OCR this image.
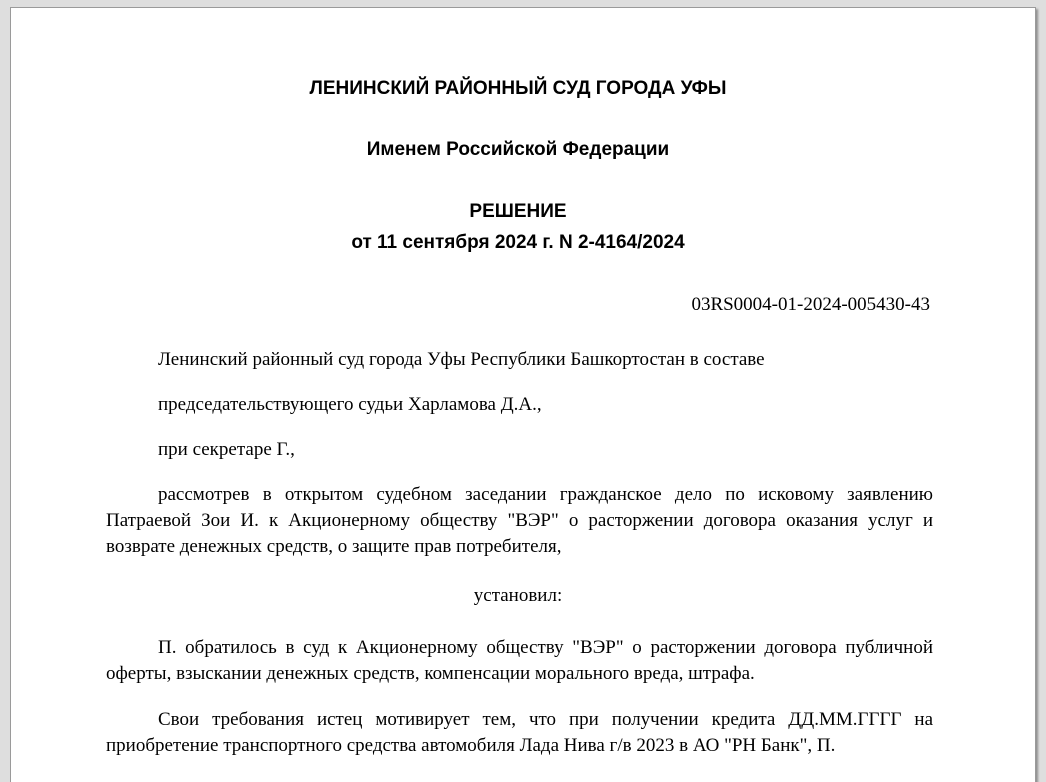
ЛЕНИНСКИЙ РАЙОННЫЙ СУД ГОРОДА УФЫ
Именем Российской Федерации
РЕШЕНИЕ
от 11 сентября 2024 г. N 2-4164/2024
03RS0004-01-2024-005430-43
Ленинский районный суд города Уфы Республики Башкортостан в составе
председательствующего судьи Харламова Д.А.,
при секретаре Г.,

рассмотрев в открытом судебном заседании гражданское дело по исковому заявлению Патраевой Зои И. к Акционерному обществу "ВЭР" о расторжении договора оказания услуг и возврате денежных средств, о защите прав потребителя,

установил:

П. обратилось в суд к Акционерному обществу "ВЭР" о расторжении договора публичной оферты, взыскании денежных средств, компенсации морального вреда, штрафа.

Свои требования истец мотивирует тем, что при получении кредита ДД.ММ.ГГГГ на приобретение транспортного средства автомобиля Лада Нива г/в 2023 в АО "РН Банк", П.
